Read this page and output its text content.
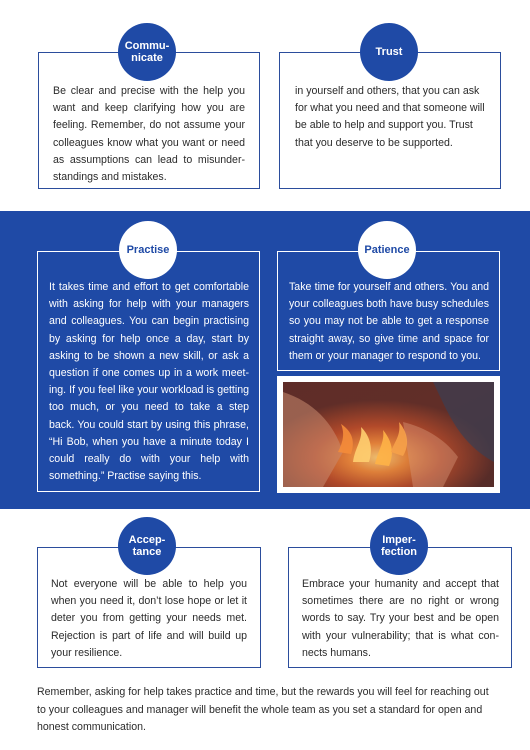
Be clear and precise with the help you want and keep clarifying how you are feeling. Remember, do not assume your colleagues know what you want or need as assumptions can lead to misunderstandings and mistakes.

Commu-
nicate

in yourself and others, that you can ask for what you need and that someone will be able to help and support you. Trust that you deserve to be supported.

Trust

It takes time and effort to get comfortable with asking for help with your managers and colleagues. You can begin practising by asking for help once a day, start by asking to be shown a new skill, or ask a question if one comes up in a work meeting. If you feel like your workload is getting too much, or you need to take a step back. You could start by using this phrase, “Hi Bob, when you have a minute today I could really do with your help with something.” Practise saying this.

Practise

Take time for yourself and others. You and your colleagues both have busy schedules so you may not be able to get a response straight away, so give time and space for them or your manager to respond to you.

Patience

Not everyone will be able to help you when you need it, don’t lose hope or let it deter you from getting your needs met. Rejection is part of life and will build up your resilience.

Accep-
tance

Embrace your humanity and accept that sometimes there are no right or wrong words to say. Try your best and be open with your vulnerability; that is what connects humans.

Imper-
fection

Remember, asking for help takes practice and time, but the rewards you will feel for reaching out to your colleagues and manager will benefit the whole team as you set a standard for open and honest communication.
